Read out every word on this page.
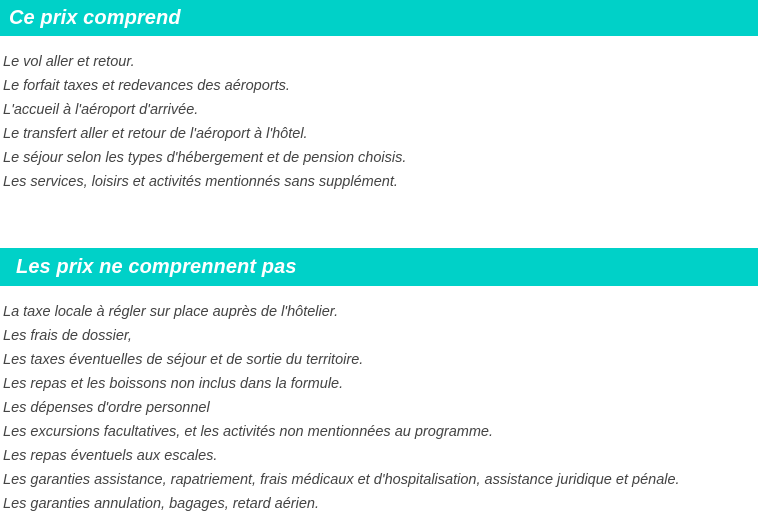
Ce prix comprend
Le vol aller et retour.
Le forfait taxes et redevances des aéroports.
L'accueil à l'aéroport d'arrivée.
Le transfert aller et retour de l'aéroport à l'hôtel.
Le séjour selon les types d'hébergement et de pension choisis.
Les services, loisirs et activités mentionnés sans supplément.
Les prix ne comprennent pas
La taxe locale à régler sur place auprès de l'hôtelier.
Les frais de dossier,
Les taxes éventuelles de séjour et de sortie du territoire.
Les repas et les boissons non inclus dans la formule.
Les dépenses d'ordre personnel
Les excursions facultatives, et les activités non mentionnées au programme.
Les repas éventuels aux escales.
Les garanties assistance, rapatriement, frais médicaux et d'hospitalisation, assistance juridique et pénale.
Les garanties annulation, bagages, retard aérien.
